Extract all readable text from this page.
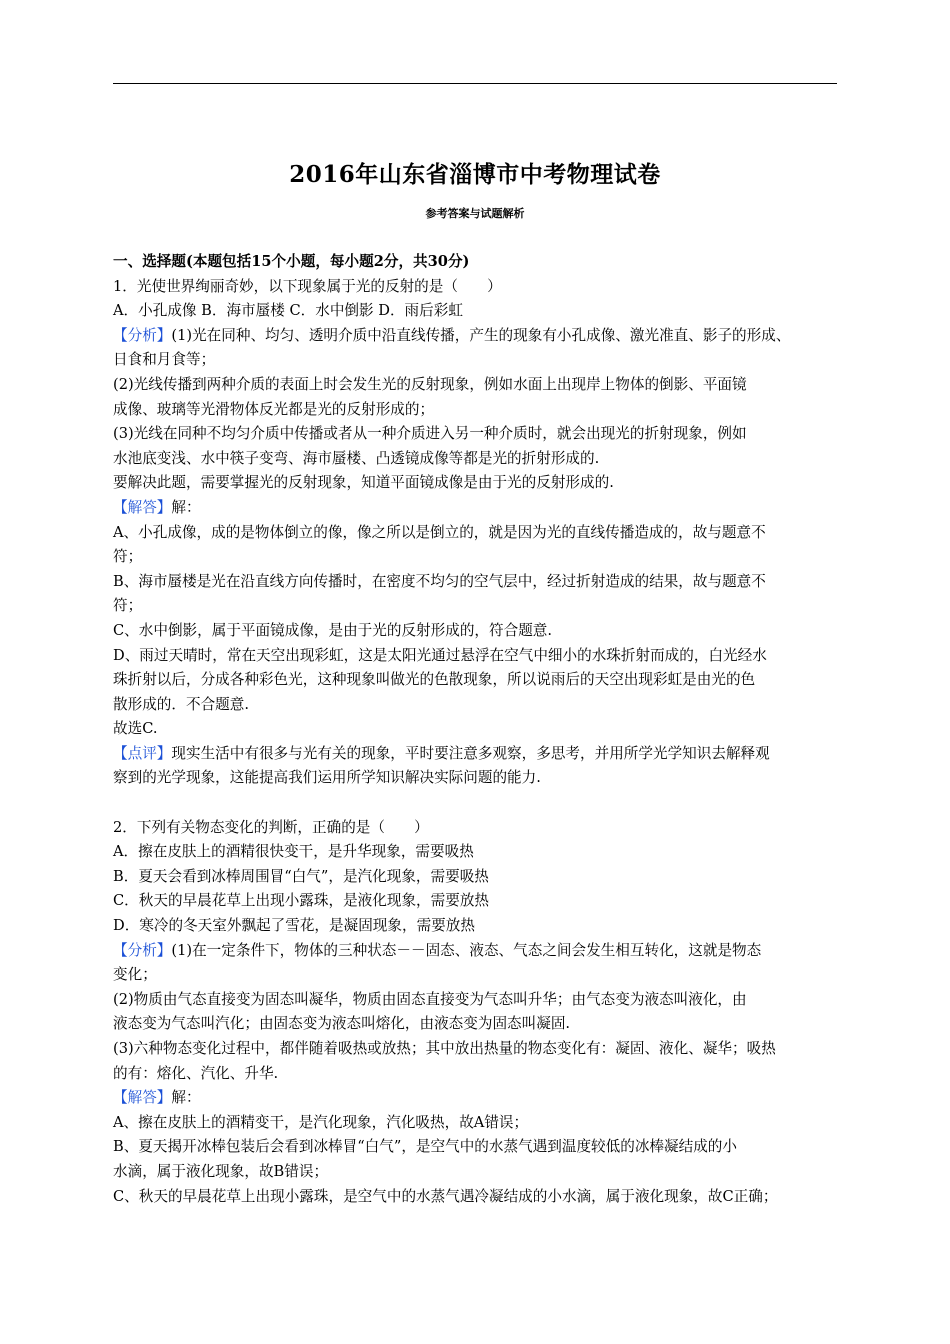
2016年山东省淄博市中考物理试卷
参考答案与试题解析
一、选择题(本题包括15个小题，每小题2分，共30分)
1．光使世界绚丽奇妙，以下现象属于光的反射的是（　　）
A．小孔成像 B．海市蜃楼 C．水中倒影 D．雨后彩虹
【分析】(1)光在同种、均匀、透明介质中沿直线传播，产生的现象有小孔成像、激光准直、影子的形成、
日食和月食等；
(2)光线传播到两种介质的表面上时会发生光的反射现象，例如水面上出现岸上物体的倒影、平面镜
成像、玻璃等光滑物体反光都是光的反射形成的；
(3)光线在同种不均匀介质中传播或者从一种介质进入另一种介质时，就会出现光的折射现象，例如
水池底变浅、水中筷子变弯、海市蜃楼、凸透镜成像等都是光的折射形成的.
要解决此题，需要掌握光的反射现象，知道平面镜成像是由于光的反射形成的.
【解答】解：
A、小孔成像，成的是物体倒立的像，像之所以是倒立的，就是因为光的直线传播造成的，故与题意不
符；
B、海市蜃楼是光在沿直线方向传播时，在密度不均匀的空气层中，经过折射造成的结果，故与题意不
符；
C、水中倒影，属于平面镜成像，是由于光的反射形成的，符合题意.
D、雨过天晴时，常在天空出现彩虹，这是太阳光通过悬浮在空气中细小的水珠折射而成的，白光经水
珠折射以后，分成各种彩色光，这种现象叫做光的色散现象，所以说雨后的天空出现彩虹是由光的色
散形成的．不合题意.
故选C.
【点评】现实生活中有很多与光有关的现象，平时要注意多观察，多思考，并用所学光学知识去解释观
察到的光学现象，这能提高我们运用所学知识解决实际问题的能力.
2．下列有关物态变化的判断，正确的是（　　）
A．擦在皮肤上的酒精很快变干，是升华现象，需要吸热
B．夏天会看到冰棒周围冒“白气”，是汽化现象，需要吸热
C．秋天的早晨花草上出现小露珠，是液化现象，需要放热
D．寒冷的冬天室外飘起了雪花，是凝固现象，需要放热
【分析】(1)在一定条件下，物体的三种状态－－固态、液态、气态之间会发生相互转化，这就是物态
变化；
(2)物质由气态直接变为固态叫凝华，物质由固态直接变为气态叫升华；由气态变为液态叫液化，由
液态变为气态叫汽化；由固态变为液态叫熔化，由液态变为固态叫凝固.
(3)六种物态变化过程中，都伴随着吸热或放热；其中放出热量的物态变化有：凝固、液化、凝华；吸热
的有：熔化、汽化、升华.
【解答】解：
A、擦在皮肤上的酒精变干，是汽化现象，汽化吸热，故A错误；
B、夏天揭开冰棒包装后会看到冰棒冒“白气”，是空气中的水蒸气遇到温度较低的冰棒凝结成的小
水滴，属于液化现象，故B错误；
C、秋天的早晨花草上出现小露珠，是空气中的水蒸气遇冷凝结成的小水滴，属于液化现象，故C正确；
